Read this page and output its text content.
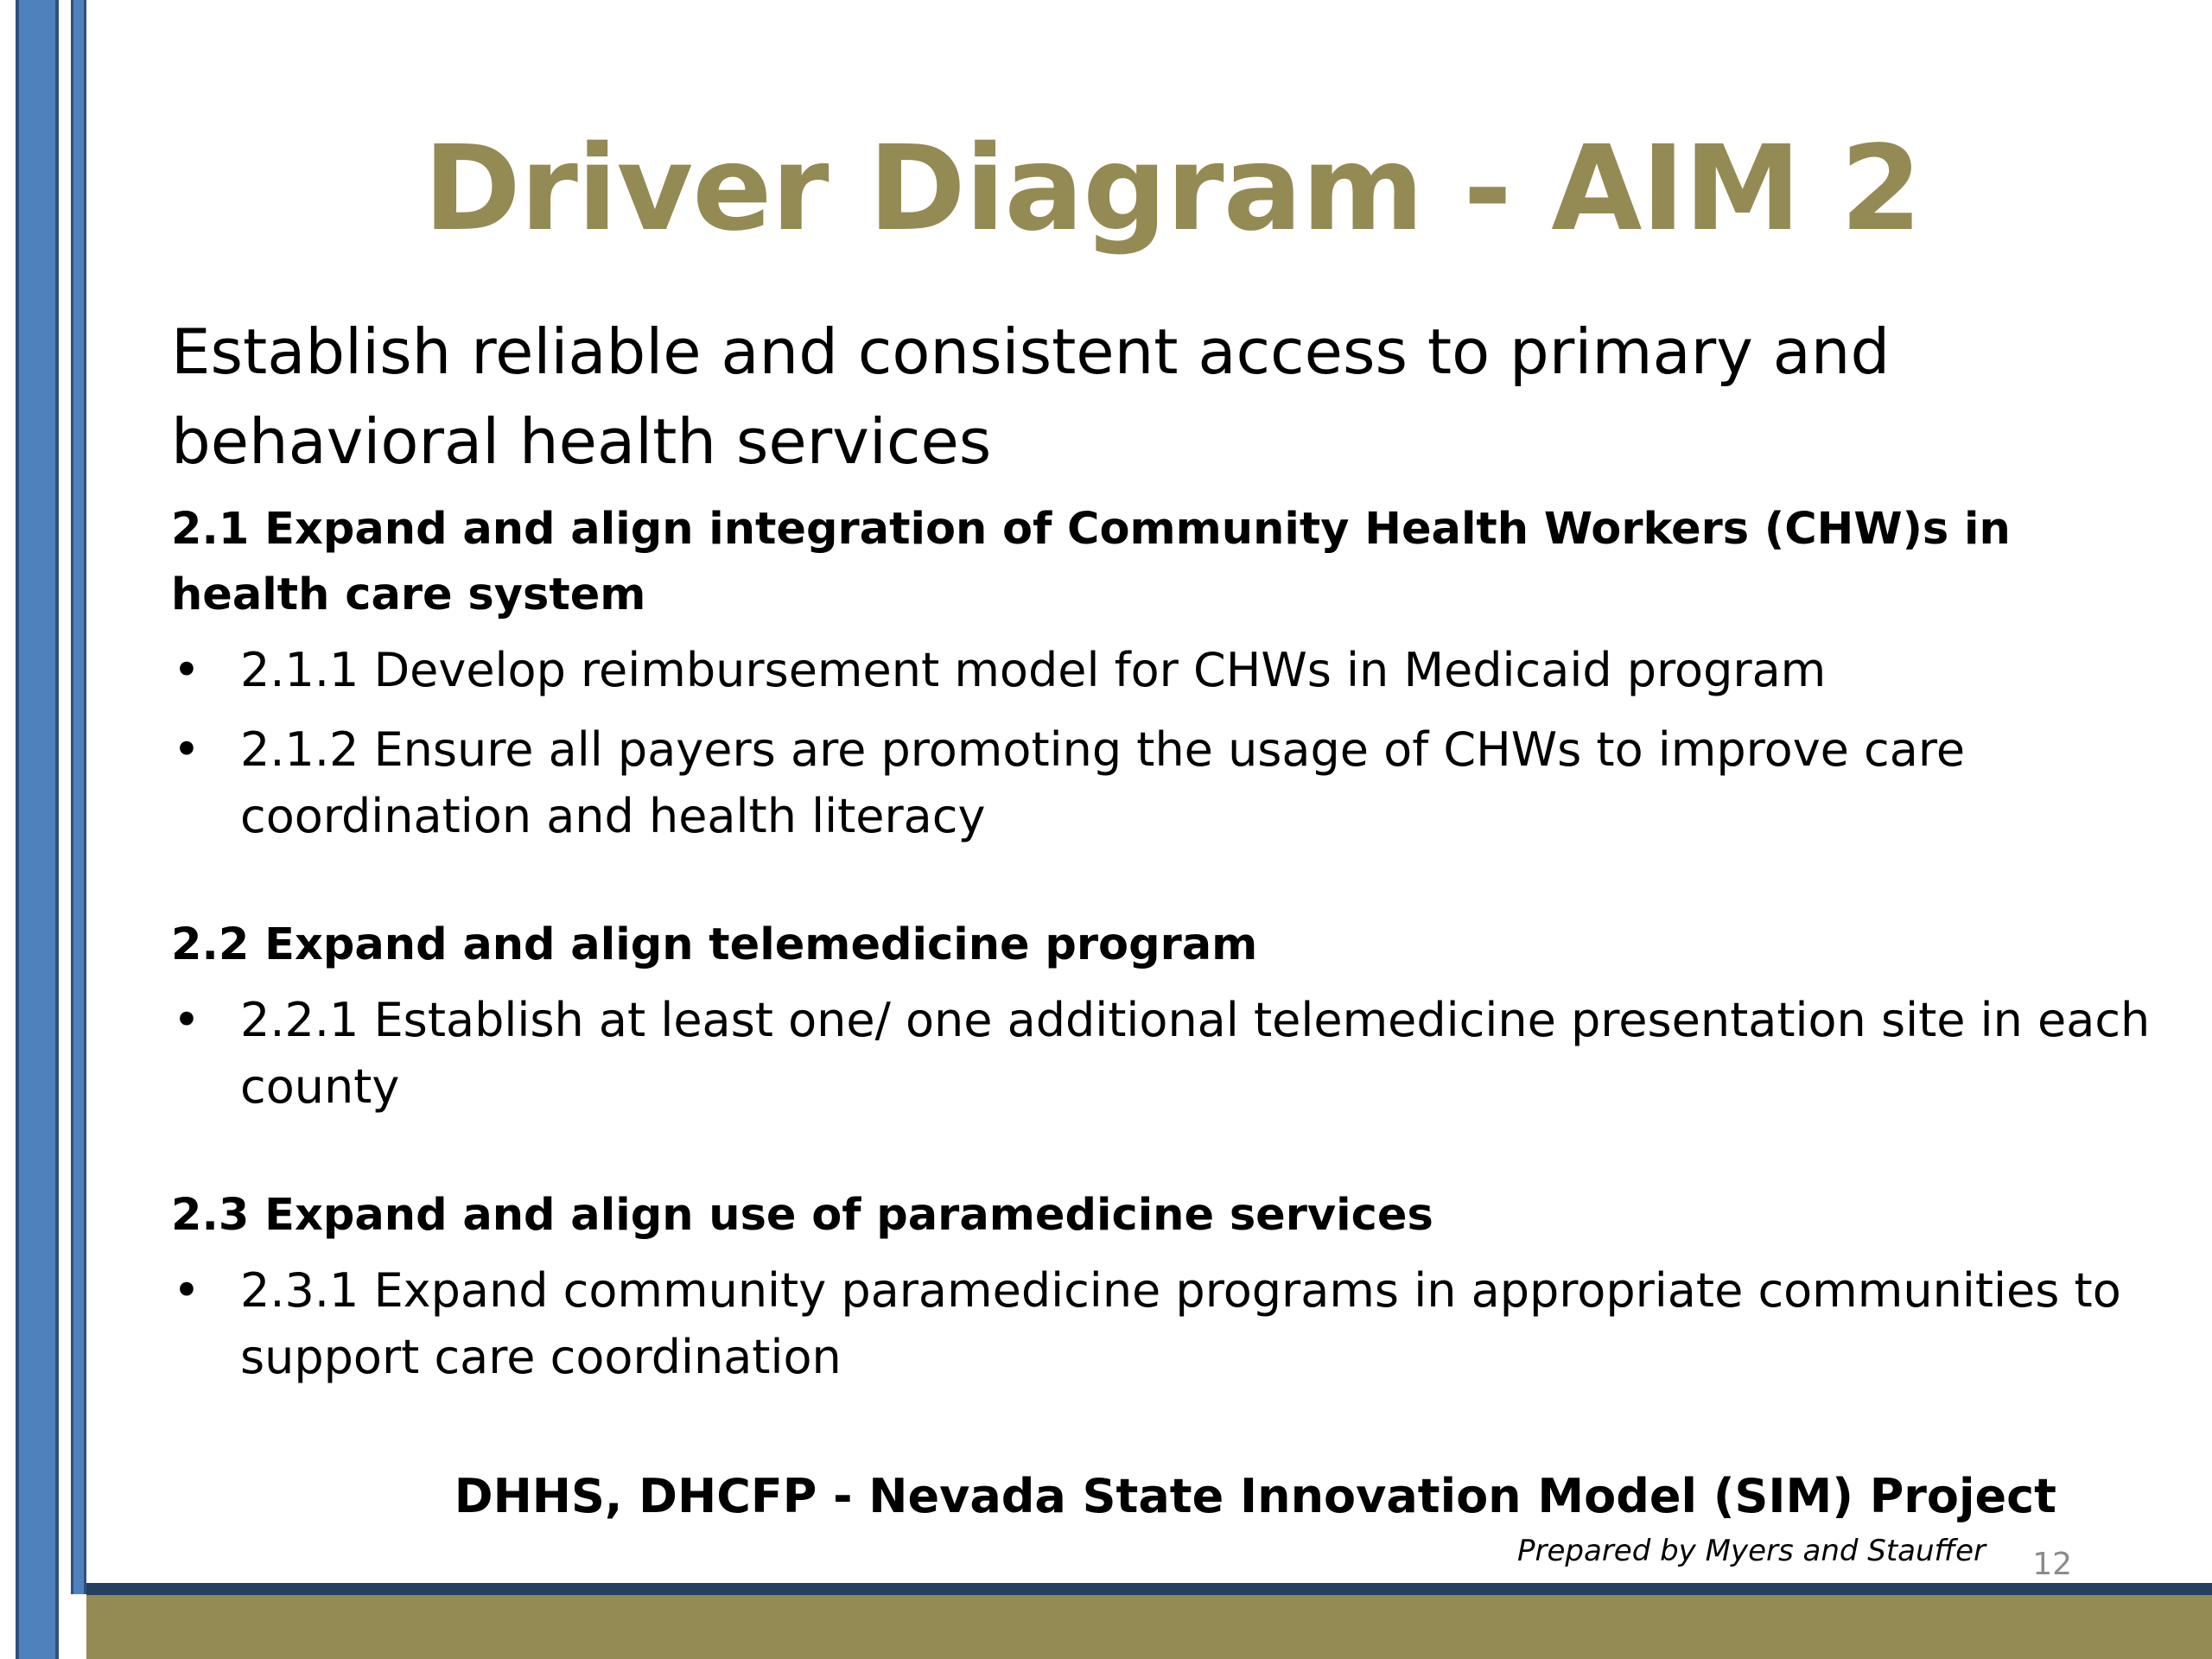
Driver Diagram - AIM 2

Establish reliable and consistent access to primary and behavioral health services

2.1 Expand and align integration of Community Health Workers (CHW)s in health care system

• 2.1.1 Develop reimbursement model for CHWs in Medicaid program
• 2.1.2 Ensure all payers are promoting the usage of CHWs to improve care coordination and health literacy

2.2 Expand and align telemedicine program

• 2.2.1 Establish at least one/ one additional telemedicine presentation site in each county

2.3 Expand and align use of paramedicine services

• 2.3.1 Expand community paramedicine programs in appropriate communities to support care coordination

DHHS, DHCFP - Nevada State Innovation Model (SIM) Project

Prepared by Myers and Stauffer 12
